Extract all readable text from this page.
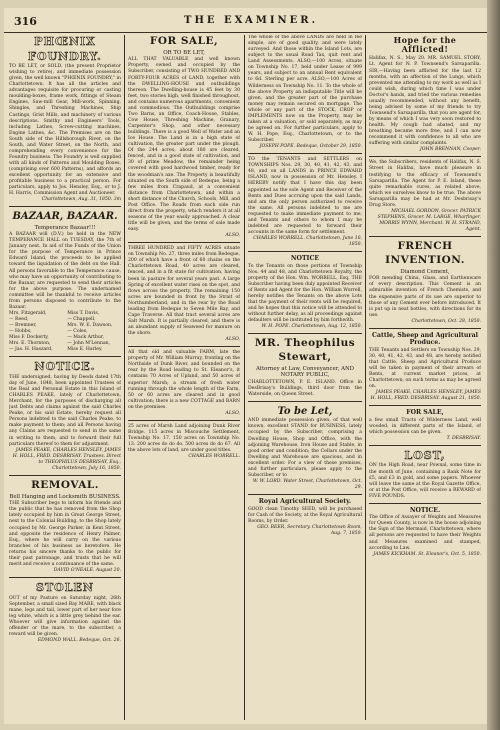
316	THE EXAMINER.
PHŒNIX FOUNDRY.
TO BE LET, or SOLD, (the present Proprietor wishing to retire), and immediate possession given, the well known "PHŒNIX FOUNDRY," in Charlottetown. It has all the articles and advantages requisite for procuring or casting moulding-boxes, frame work, fittings of Steam Engines, Saw-mill Gear, Mill-work, Spinning, Shingles, and Threshing Machines, Ship Castings, Grist Mills, and machinery of various descriptions. Smithy and Engineers' Tools, including Lathes, Screw-cutting machines, Engine Lathes, &c. The Premises are on the South side of the Hillsborough River, on the South, and Water Street, on the North, and comprehending every convenience for the Foundry business. The Foundry is well supplied with all kinds of Patterns and Moulding Boxes, (comprising over 600 Patterns), and affords an excellent opportunity for an extensive and profitable business to a practical person. For particulars, apply to Jos. Hensley, Esq., or to J. H. Harris, Commission Agent and Auctioneer.
Charlottetown, Aug. 31, 1850. 3m
BAZAAR, BAZAAR.
Temperance Bazaar!!!
A BAZAAR will (D.V.) be held in the NEW TEMPERANCE HALL on TUESDAY, the 7th of January next. In aid of the Funds of the Union for the purpose of Temperance in Prince Edward Island, the proceeds to be applied toward the liquidation of the debt on the Hall. All persons favorable to the Temperance cause, who may have an opportunity of contributing to the Bazaar, are requested to send their articles for the above purpose. The undernamed committee will be thankful to receive articles from persons disposed to contribute to the Bazaar.
Mrs. Fitzgerald,	Miss T. Davis,
— Reed,	— Chappell,
— Bremner,	Mrs. W. E. Dawson,
— Hobbs,	— Coles,
Miss F. Dockerty,	— Mack Arthur,
Mrs. E. Thornton,	— John M'Lennan,
— Jas. H. Haszard,	Miss E. Harley.
NOTICE.
THE undersigned, having by Deeds dated 17th day of June, 1848, been appointed Trustees of the Real and Personal Estate in this Island of CHARLES PEAKE, lately of Charlottetown, Merchant, for the purposes of discharging all just Debts and claims against the said Charles Peake, or his said Estate, hereby request all Persons indebted to the said Charles Peake, to make payment to them; and all Persons having any Claims are requested to send in the same in writing to them, and to forward their full particulars thereof to them for adjustment.
JAMES PEAKE, CHARLES HENSLEY, JAMES H. HOLL, FRED. DESBRISAY. Trustees. Direct to THEOPHILUS DESBRISAY, Esq., Charlottetown, July 16, 1850.
REMOVAL.
Bell Hanging and Locksmith BUSINESS.
THE Subscriber begs to inform his friends and the public that he has removed from the Shop lately occupied by him in Great George Street, next to the Colonial Building, to the Shop lately occupied by Mr. George Parker, in Kent Street, and opposite the residence of Henry Palmer, Esq., where he will carry on the various branches of his business as heretofore. He returns his sincere thanks to the public for their past patronage, and trusts that he will merit and receive a continuance of the same.
DAVID O'NEALE. August 20.
STOLEN
OUT of my Pasture on Saturday night, 26th September, a small sized Bay MARE, with black mane, legs and tail, lower part of her near fore leg white, which is a little grey behind the ear. Whoever will give information against the offender or the mare, to the subscriber, a reward will be given.
EDMOND WALL. Bedeque, Oct. 26.
FOR SALE,
OR TO BE LET,
ALL THAT VALUABLE and well known Property, owned and occupied by the Subscriber, consisting of TWO HUNDRED AND FORTY-FOUR ACRES of LAND, together with the DWELLING-HOUSE and outbuildings thereon. The Dwelling-house is 45 feet by 30 feet, two stories high, well finished throughout, and contains numerous apartments, convenient and commodious. The Outbuildings comprise Two Barns, an Office, Coach-House, Stables, Cow House, Threshing Machine, Granary, Carpenter's Shop, and other necessary buildings. There is a good Well of Water and an Ice House. The Land is in a high state of cultivation, the greater part under the plough. Of the 244 acres, about 180 are cleared, fenced, and in a good state of cultivation, and 30 of prime Meadow, the remainder being covered with good hardwood timber, ready for the woodman's axe. The Property is beautifully situated on the South side of Bedeque, being a few miles from Crapaud, at a convenient distance from Charlottetown, and within a short distance of the Church, Schools, Mill, and Post Office. The Roads from each side run direct from the property, which renders it at all seasons of the year easily approached. A clear title will be given, and the terms of sale made easy.
ALSO,
THREE HUNDRED and FIFTY ACRES situate on Township No. 27, three miles from Bedeque, 200 of which have a front of 60 chains on the Charlottetown Road, 40 acres are cleared, fenced, and in a fit state for cultivation, having been in pasture for several years past. A large Spring of excellent water rises on the spot, and flows across the property. The remaining 150 acres are bounded in front by the Strait of Northumberland, and in the rear by the Road leading from Bedeque to Seven Mile Bay, and Cape Traverse. All that tract several acres are Salt Marsh. It is partially cleared, and there is an abundant supply of Seaweed for manure on the shore.
ALSO,
All that old and valuable FARM, late the property of Mr. William Murray, fronting on the Northside of Dunk River, and bounded on the rear by the Road leading to St. Eleanor's, it contains 70 Acres of Upland, and 50 acres of superior Marsh; a stream of fresh water running through the whole length of the Farm, 50 or 60 acres are cleared and in good cultivation; there is a new COTTAGE and BARN on the premises.
ALSO,
25 acres of Marsh Land adjoining Dunk River Bridge. 115 acres in Miscouche Settlement, Township No. 17. 150 acres on Township No. 13. 200 acres do do do. 500 acres do do 67. All the above lots of land, are under good titles.
CHARLES WORRELL.
The whole of the above LANDS are held in fee simple, are of good quality, and were lately surveyed. And those within the Island Lots, are subject to the usual Road Tax, quit rent and Land Assessments. ALSO,—100 Acres, situate on Township No. 17, held under Lease of 999 years, and subject to an annual Rent equivalent to 6d. Sterling per acre. ALSO,—100 Acres of Wilderness on Township No. 11. To the whole of the above Property an indisputable Title will be given, and the greater part of the purchase money may remain secured on mortgage. The whole or any part of the STOCK, CROP or IMPLEMENTS now on the Property, may be taken at a valuation, or sold separately, as may be agreed on. For further particulars, apply to W. H. Pope, Esq., Charlottetown, or to the Subscriber.
JOSEPH POPE. Bedeque, October 29, 1850.
TO the TENANTS and SETTLERS on TOWNSHIPS Nos. 29, 30, 40, 41, 42, 43, and 48, and on all LANDS in PRINCE EDWARD ISLAND, now in possession of Mr. Hensley. I HEREBY notify that I have this day been appointed as the sole Agent and Receiver of the Rents and Dues accruing upon the said Lands, and am the only person authorized to receive the same. All persons indebted to me are requested to make immediate payment to me, and Tenants and others to whom I may be indebted are requested to forward their accounts in the same form for settlement.
CHARLES WORRELL. Charlottetown, June 10, 1850.
NOTICE
To the Tenants on those portions of Township Nos. 44 and 48, and Charlottetown Royalty, the property of the Hon. Wm. WORRELL, Esq. THE Subscriber having been duly appointed Receiver of Rents and Agent for the Hon. William Worrell, hereby notifies the Tenants on the above Lots that the payment of their rents will be required, and he hopes that this notice will be attended to without further delay, as all proceedings against defaulters will be instituted by him forthwith.
W. H. POPE. Charlottetown, Aug. 12, 1850.
MR. Theophilus Stewart,
Attorney at Law, Conveyancer, AND NOTARY PUBLIC,
CHARLOTTETOWN, P. E. ISLAND. Office in DesBrisay's Buildings, third door from the Waterside, on Queen Street.
To be Let,
AND immediate possession given, of that well known, excellent STAND for BUSINESS, lately occupied by the Subscriber, comprising a Dwelling House, Shop and Office, with the adjoining Warehouse, Iron House and Stable, in good order and condition; the Cellars under the Dwelling and Warehouse are spacious, and in excellent order. For a view of these premises, and further particulars, please apply to the Subscriber, or to
W. W. LORD. Water Street, Charlottetown, Oct. 29.
Royal Agricultural Society.
GOOD clean Timothy SEED, will be purchased for Cash of the Society, at the Royal Agricultural Rooms, by Order.
GEO. BEER, Secretary. Charlottetown Room, Aug. 7, 1850.
Hope for the Afflicted!
Halifax, N. S., May 20. MR. SAMUEL STORY, Lt. Agent for N. P. Townsend's Sarsaparilla. SIR,—Having been afflicted for the last 12 months, with an affection of the Lungs, which prevented me attending to my work as well as I could wish, during which time I was under Doctor's hands, and tried the various remedies usually recommended, without any benefit, being advised by some of my friends to try Townsend's Sarsaparilla, that you are agent for, by means of which I was very soon restored to health. My cough had abated, and my breathing became more free, and I can now recommend it with confidence to all who are suffering with similar complaints.
JOHN BRENNAN, Cooper.
We, the Subscribers, residents of Halifax, N. S. Street in Halifax, have much pleasure in testifying to the efficacy of Townsend's Sarsaparilla. The Agent for P. E. Island, these quite remarkable cures, as related above, which we ourselves know to be true. The above Sarsaparilla may be had at Mr. Desbrisay's Drug Store.
MICHAEL GORDON, Grocer. PATRICK STEPHENS, Grocer. M. LARGE, Wharfinger. MORRIS WYNN, Merchant. W. H. STRAND, Agent.
FRENCH INVENTION.
Diamond Cement,
FOR mending China, Glass, and Earthenware of every description. This Cement is an admirable invention of French Chemists, and the expensive parts of its use are superior to those of any Cement ever before introduced. It is put up in neat bottles, with directions for its use.
Charlottetown, Oct. 28, 1850.
Cattle, Sheep and Agricultural Produce.
THE Tenants and Settlers on Township Nos. 29, 30, 40, 41, 42, 43, and 48, are hereby notified that Cattle, Sheep and Agricultural Produce will be taken in payment of their arrears of Rents, at current market prices, at Charlottetown, on such terms as may be agreed on.
JAMES PEAKE, CHARLES HENSLEY, JAMES H. HOLL, FRED. DESBRISAY. August 21, 1850.
FOR SALE,
a few small Tracts of Wilderness Land, well wooded, in different parts of the Island, of which possession can be given.
T. DESBRISAY.
LOST,
ON the High Road, near Pownal, some time in the month of June, containing a Bank Note for £5, and £3 in gold, and some papers. Whoever will leave the same at the Royal Gazette Office, or at the Post Office, will receive a REWARD of FIVE POUNDS.
NOTICE.
The Office of Assayer of Weights and Measures for Queen County, is now in the house adjoining the Sign of the Mermaid, Charlottetown, where all persons are requested to have their Weights and Measures examined and stamped, according to Law.
JAMES KICKHAM. St. Eleanor's, Oct. 5, 1850.
